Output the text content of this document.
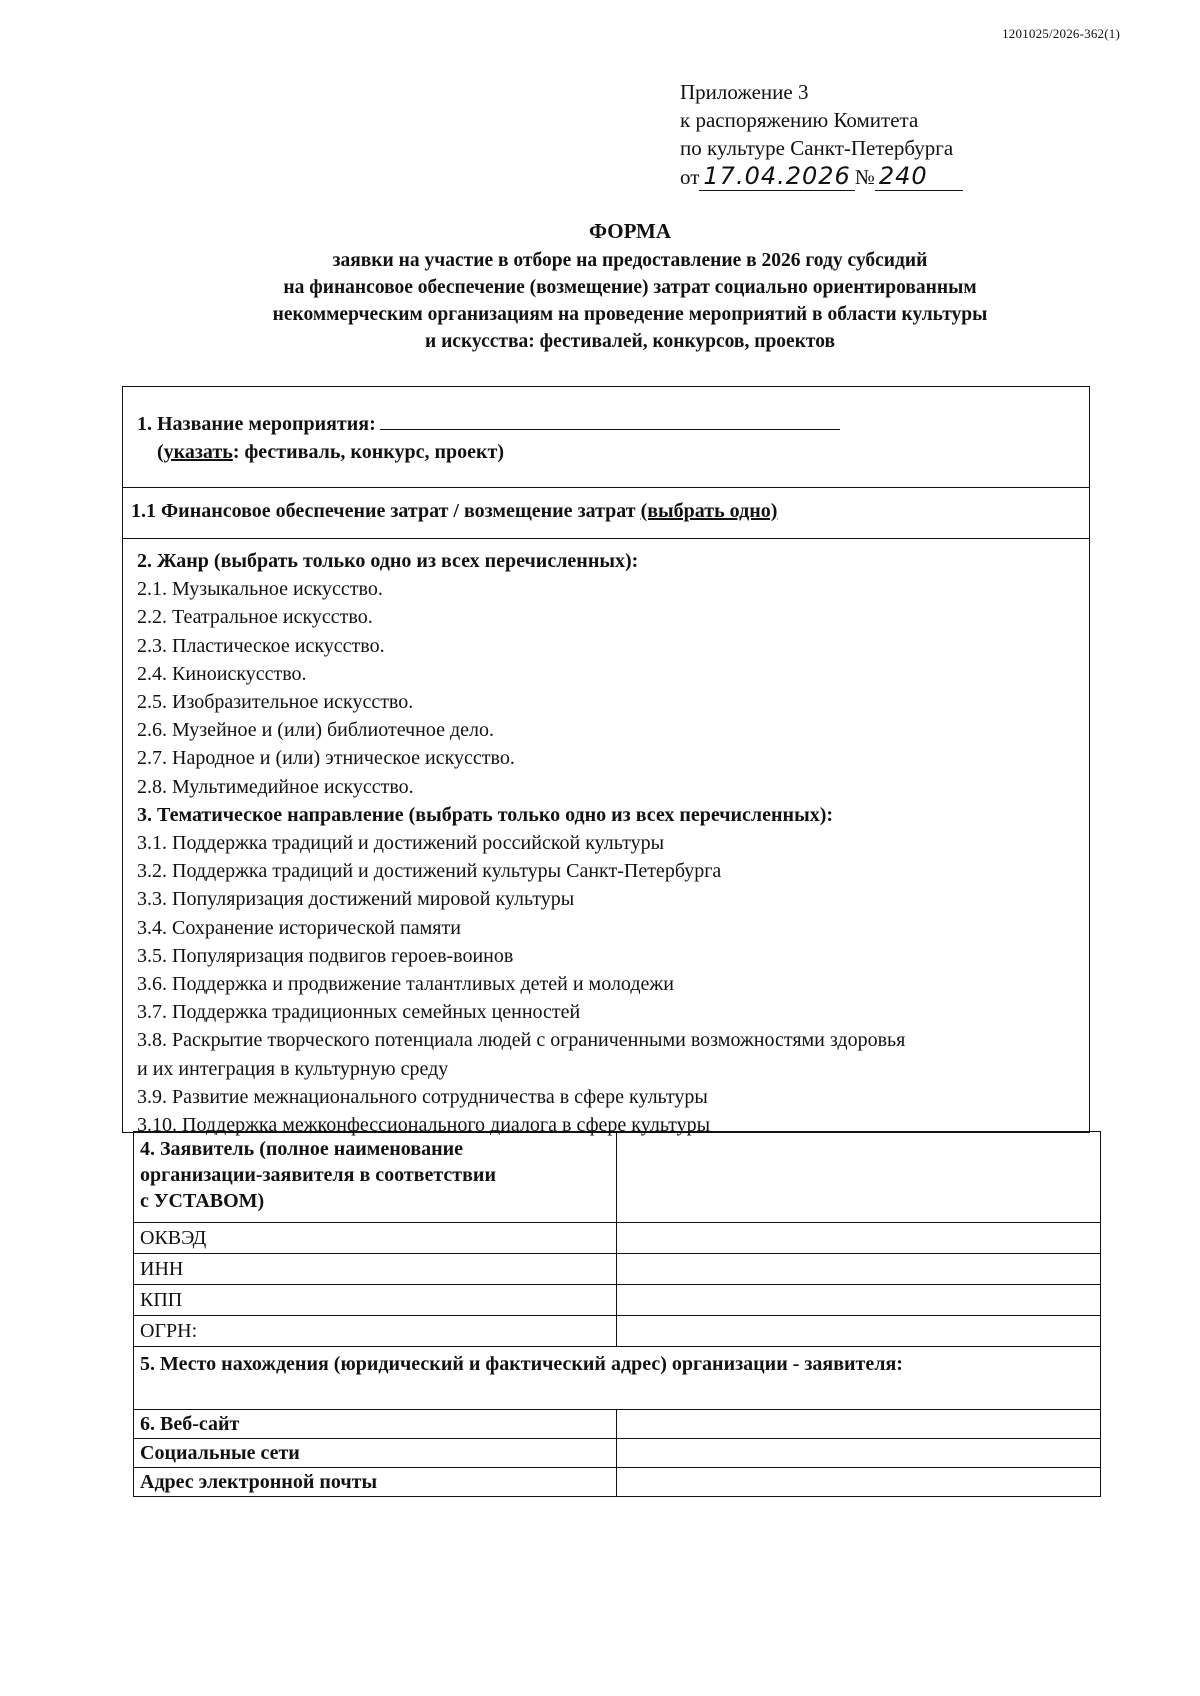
1201025/2026-362(1)
Приложение 3
к распоряжению Комитета
по культуре Санкт-Петербурга
от 17.04.2026 № 240
ФОРМА
заявки на участие в отборе на предоставление в 2026 году субсидий
на финансовое обеспечение (возмещение) затрат социально ориентированным
некоммерческим организациям на проведение мероприятий в области культуры
и искусства: фестивалей, конкурсов, проектов
1. Название мероприятия:
(указать: фестиваль, конкурс, проект)
1.1 Финансовое обеспечение затрат / возмещение затрат (выбрать одно)
2. Жанр (выбрать только одно из всех перечисленных):
2.1. Музыкальное искусство.
2.2. Театральное искусство.
2.3. Пластическое искусство.
2.4. Киноискусство.
2.5. Изобразительное искусство.
2.6. Музейное и (или) библиотечное дело.
2.7. Народное и (или) этническое искусство.
2.8. Мультимедийное искусство.
3. Тематическое направление (выбрать только одно из всех перечисленных):
3.1. Поддержка традиций и достижений российской культуры
3.2. Поддержка традиций и достижений культуры Санкт-Петербурга
3.3. Популяризация достижений мировой культуры
3.4. Сохранение исторической памяти
3.5. Популяризация подвигов героев-воинов
3.6. Поддержка и продвижение талантливых детей и молодежи
3.7. Поддержка традиционных семейных ценностей
3.8. Раскрытие творческого потенциала людей с ограниченными возможностями здоровья
и их интеграция в культурную среду
3.9. Развитие межнационального сотрудничества в сфере культуры
3.10. Поддержка межконфессионального диалога в сфере культуры
4. Заявитель (полное наименование
организации-заявителя в соответствии
с УСТАВОМ)	

ОКВЭД	
ИНН	
КПП	
ОГРН:	
5. Место нахождения (юридический и фактический адрес) организации - заявителя:	
6. Веб-сайт	
Социальные сети	
Адрес электронной почты	
